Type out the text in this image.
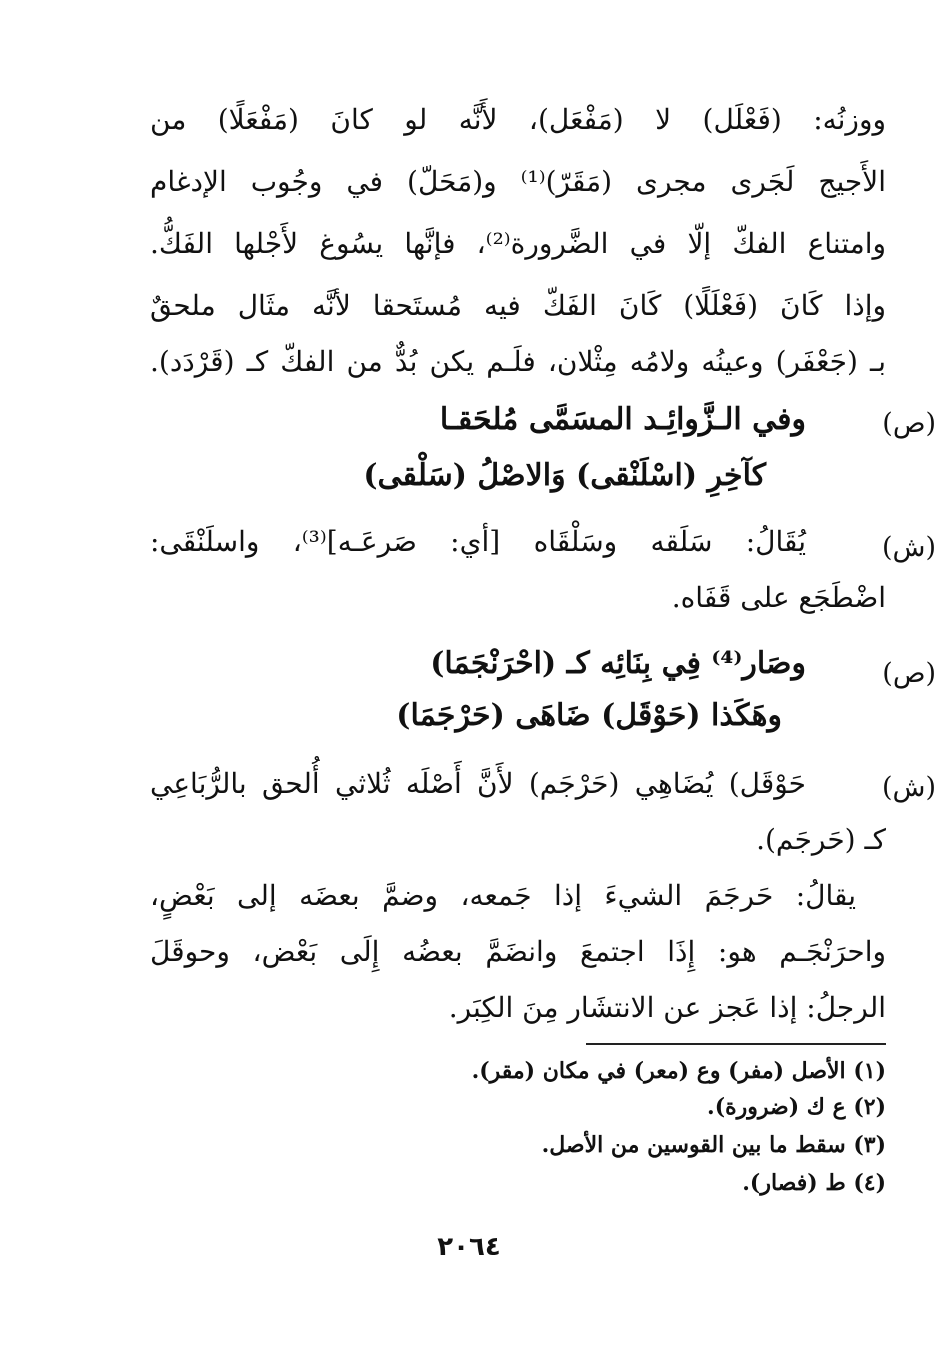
ووزنُه: (فَعْلَل) لا (مَفْعَل)، لأَنَّه لو كانَ (مَفْعَلًا) من
الأَجيج لَجَرى مجرى (مَقَرّ)⁽¹⁾ و(مَحَلّ) في وجُوب الإدغام
وامتناع الفكّ إلّا في الضَّرورة⁽²⁾، فإنَّها يسُوغ لأَجْلها الفَكُّ.
وإذا كَانَ (فَعْلَلًا) كَانَ الفَكّ فيه مُستَحقا لأنَّه مثَال ملحقٌ
بـ (جَعْفَر) وعينُه ولامُه مِثْلان، فلَـم يكن بُدٌّ من الفكّ كـ (قَرْدَد).
(ص)
وفي الـزَّوائِـد المسَمَّى مُلحَقـا
كآخِرِ (اسْلَنْقى) وَالاصْلُ (سَلْقى)
(ش)
يُقَالُ: سَلَقه وسَلْقَاه [أي: صَرعَـه]⁽³⁾، واسلَنْقَى:
اضْطَجَع على قَفَاه.
(ص)
وصَار⁽⁴⁾ فِي بِنَائِه كـ (احْرَنْجَمَا)
وهَكَذا (حَوْقَل) ضَاهَى (حَرْجَمَا)
(ش)
حَوْقَل) يُضَاهِي (حَرْجَم) لأَنَّ أَصْلَه ثُلاثي أُلحق بالرُّبَاعِي
كـ (حَرجَم).
يقالُ: حَرجَمَ الشيءَ إذا جَمعه، وضمَّ بعضَه إلى بَعْضٍ،
واحرَنْجَـم هو: إِذَا اجتمعَ وانضَمَّ بعضُه إِلَى بَعْض، وحوقَلَ
الرجلُ: إذا عَجز عن الانتشَار مِنَ الكِبَر.
(١) الأصل (مفر) وع (معر) في مكان (مقر).
(٢) ع ك (ضرورة).
(٣) سقط ما بين القوسين من الأصل.
(٤) ط (فصار).
٢٠٦٤
